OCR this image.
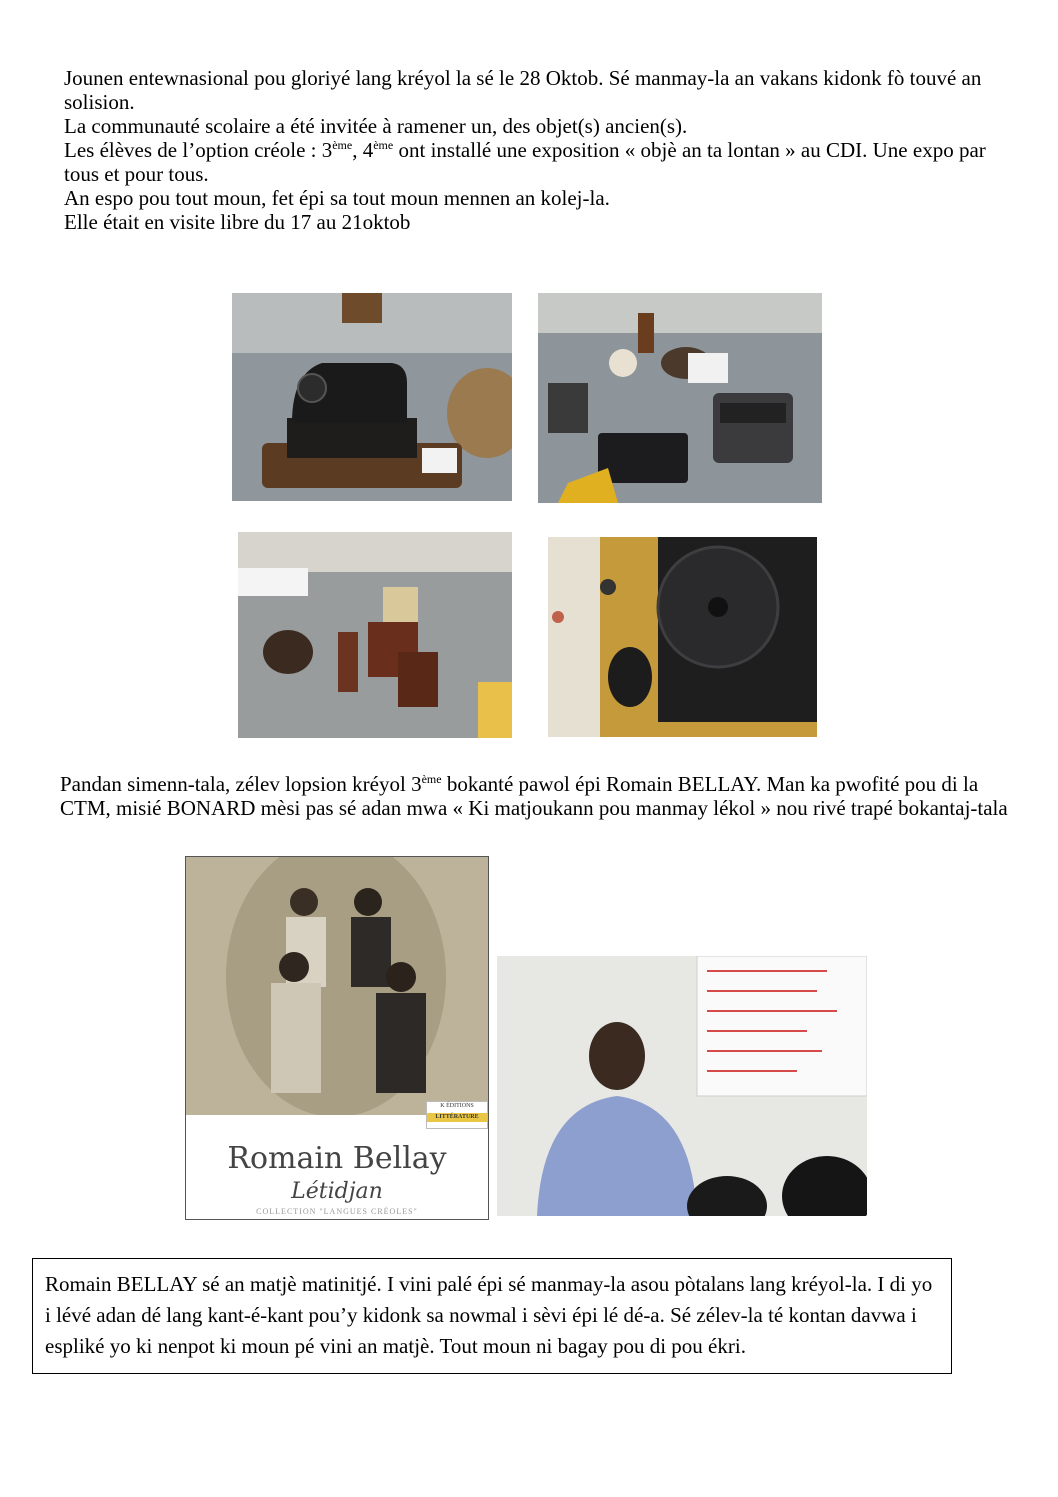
Jounen entewnasional pou gloriyé lang kréyol la sé le 28 Oktob. Sé manmay-la an vakans kidonk fò touvé an solision.

La communauté scolaire a été invitée à ramener un, des objet(s) ancien(s).

Les élèves de l’option créole : 3ème, 4ème ont installé une exposition « objè an ta lontan » au CDI. Une expo par tous et pour tous.

An espo pou tout moun, fet épi sa tout moun mennen an kolej-la.

Elle était en visite libre du 17 au 21oktob

Pandan simenn-tala, zélev lopsion kréyol 3ème bokanté pawol épi Romain BELLAY. Man ka pwofité pou di la CTM, misié BONARD mèsi pas sé adan mwa « Ki matjoukann pou manmay lékol » nou rivé trapé bokantaj-tala
K ÉDITIONS
LITTÉRATURE
Romain Bellay
Létidjan
COLLECTION "LANGUES CRÉOLES"
Romain BELLAY sé an matjè matinitjé. I vini palé épi sé manmay-la asou pòtalans lang kréyol-la. I di yo i lévé adan dé lang kant-é-kant pou’y kidonk sa nowmal i sèvi épi lé dé-a. Sé zélev-la té kontan davwa i espliké yo ki nenpot ki moun pé vini an matjè. Tout moun ni bagay pou di pou ékri.
